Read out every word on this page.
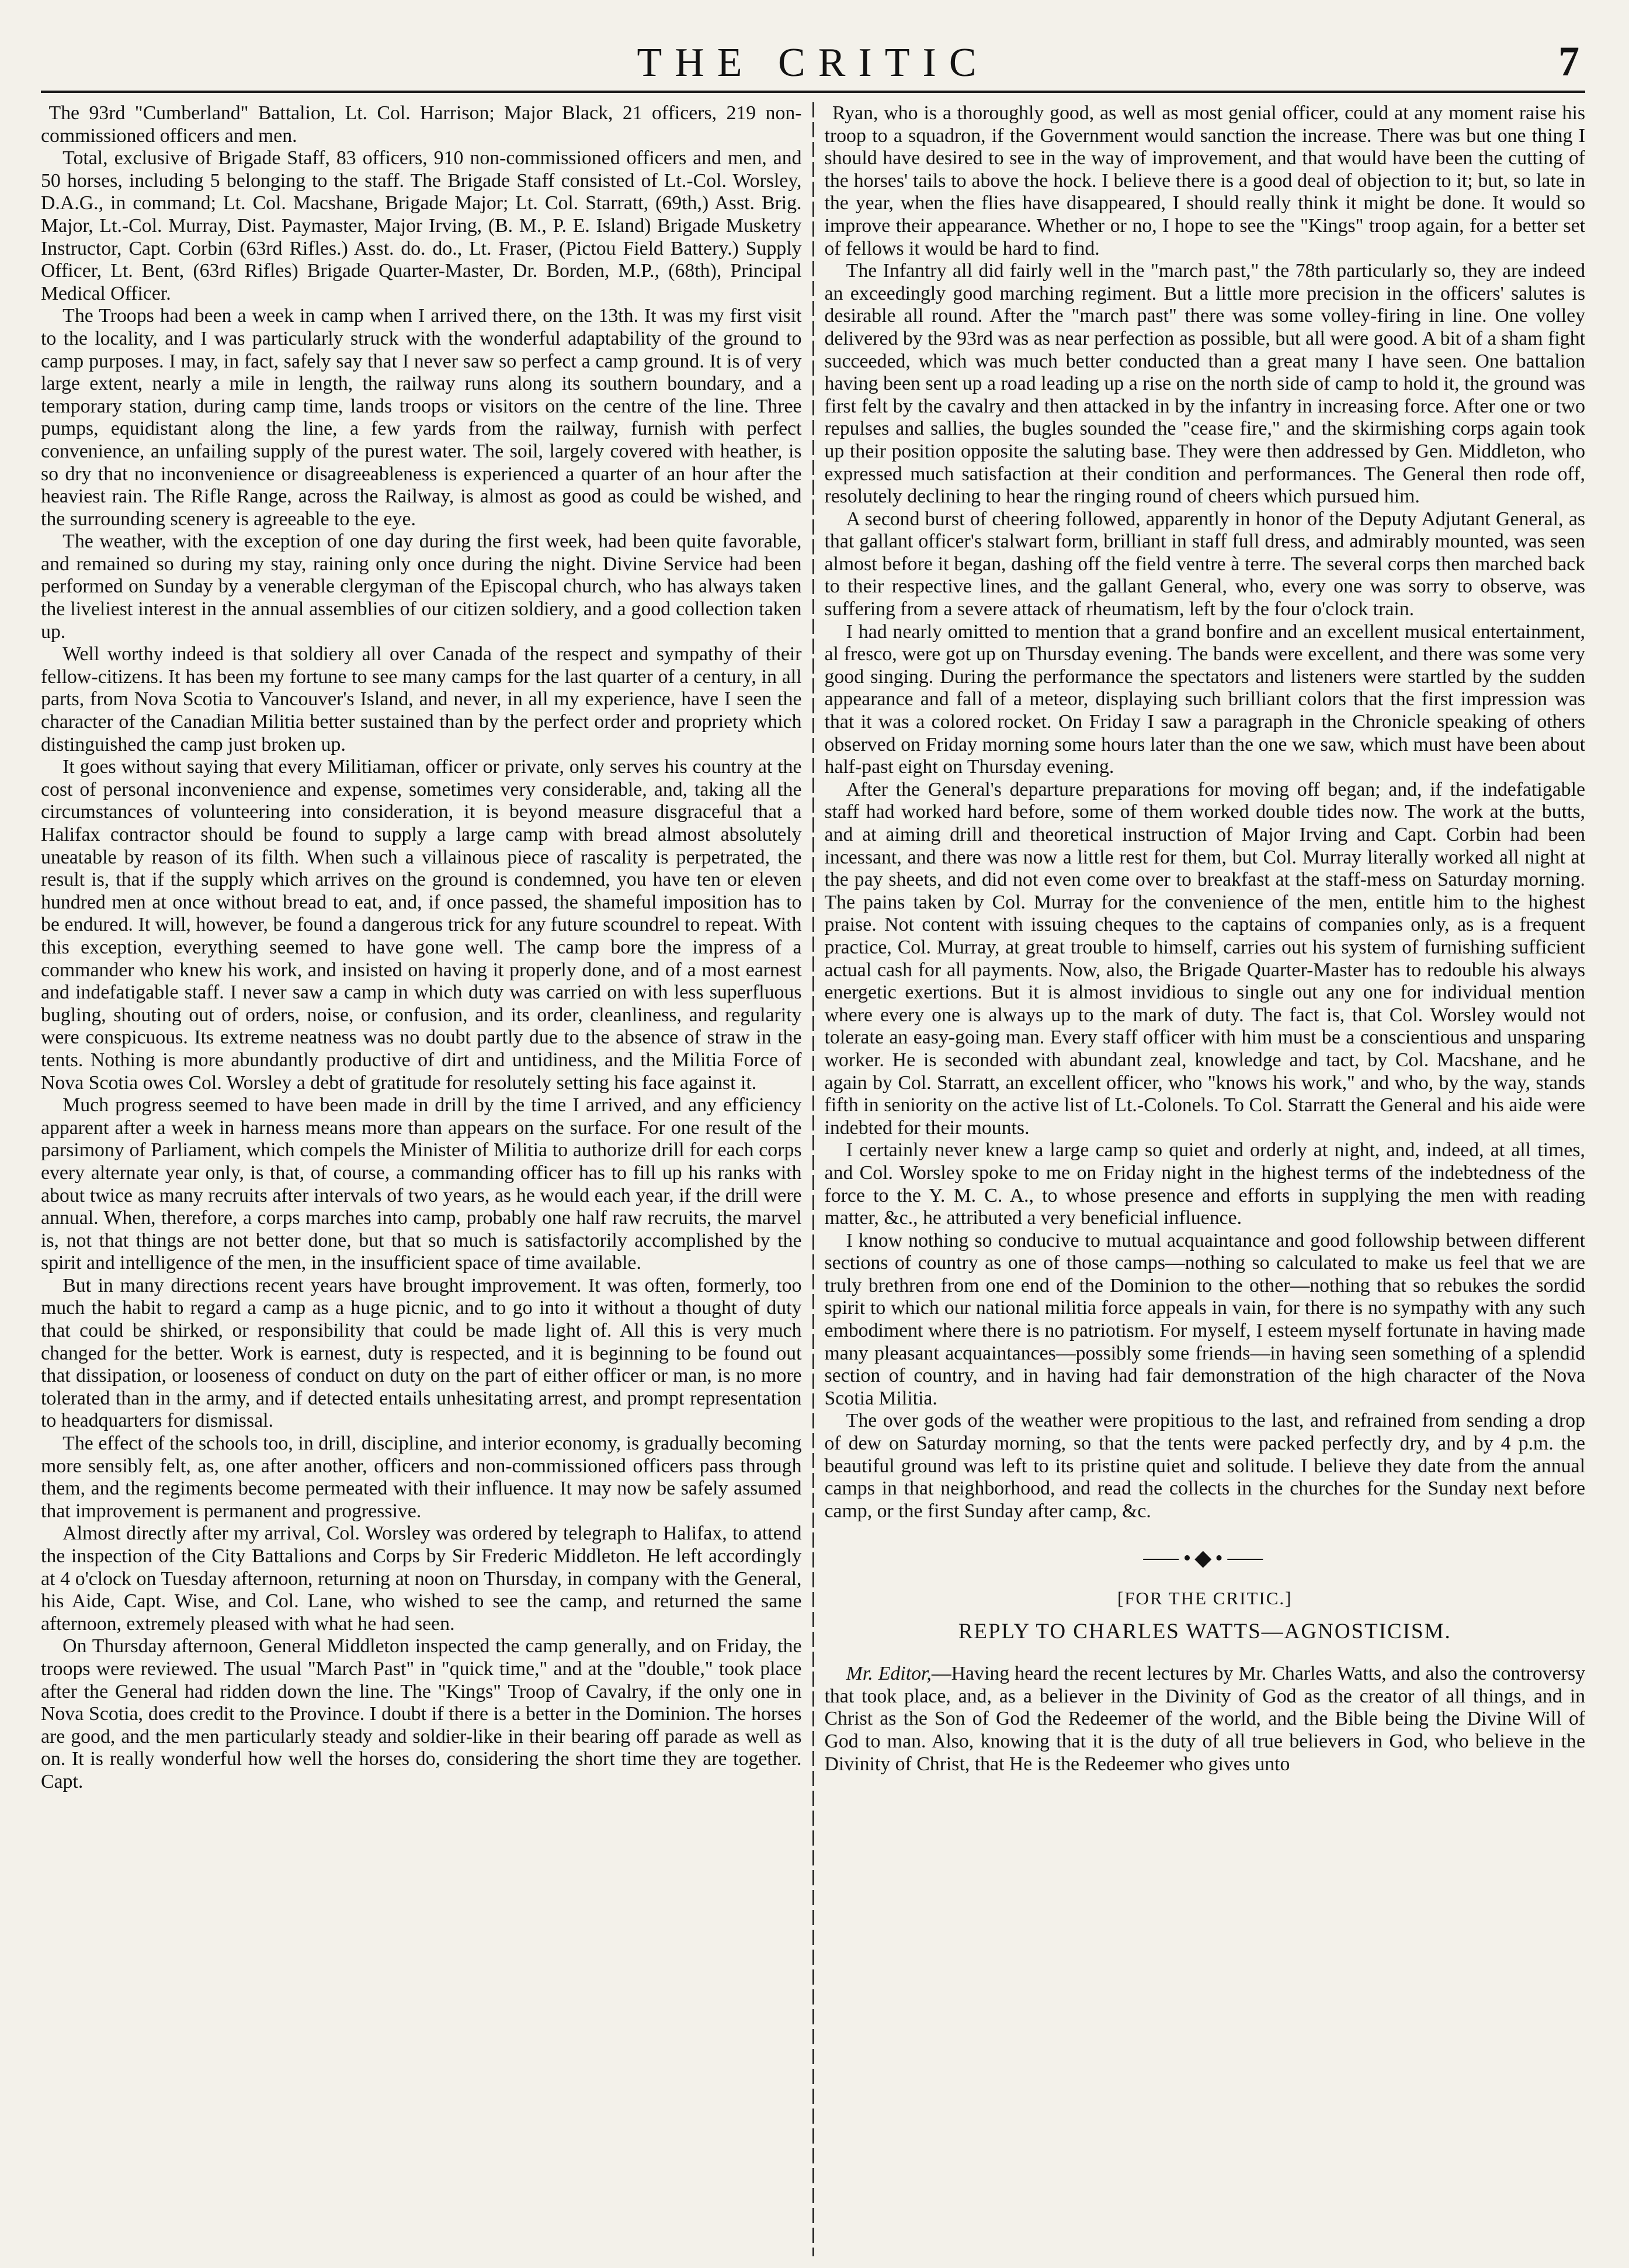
THE CRITIC	7

The 93rd "Cumberland" Battalion, Lt. Col. Harrison; Major Black, 21 officers, 219 non-commissioned officers and men.

Total, exclusive of Brigade Staff, 83 officers, 910 non-commissioned officers and men, and 50 horses, including 5 belonging to the staff. The Brigade Staff consisted of Lt.-Col. Worsley, D.A.G., in command; Lt. Col. Macshane, Brigade Major; Lt. Col. Starratt, (69th,) Asst. Brig. Major, Lt.-Col. Murray, Dist. Paymaster, Major Irving, (B. M., P. E. Island) Brigade Musketry Instructor, Capt. Corbin (63rd Rifles.) Asst. do. do., Lt. Fraser, (Pictou Field Battery.) Supply Officer, Lt. Bent, (63rd Rifles) Brigade Quarter-Master, Dr. Borden, M.P., (68th), Principal Medical Officer.

The Troops had been a week in camp when I arrived there, on the 13th. It was my first visit to the locality, and I was particularly struck with the wonderful adaptability of the ground to camp purposes. I may, in fact, safely say that I never saw so perfect a camp ground. It is of very large extent, nearly a mile in length, the railway runs along its southern boundary, and a temporary station, during camp time, lands troops or visitors on the centre of the line. Three pumps, equidistant along the line, a few yards from the railway, furnish with perfect convenience, an unfailing supply of the purest water. The soil, largely covered with heather, is so dry that no inconvenience or disagreeableness is experienced a quarter of an hour after the heaviest rain. The Rifle Range, across the Railway, is almost as good as could be wished, and the surrounding scenery is agreeable to the eye.

The weather, with the exception of one day during the first week, had been quite favorable, and remained so during my stay, raining only once during the night. Divine Service had been performed on Sunday by a venerable clergyman of the Episcopal church, who has always taken the liveliest interest in the annual assemblies of our citizen soldiery, and a good collection taken up.

Well worthy indeed is that soldiery all over Canada of the respect and sympathy of their fellow-citizens. It has been my fortune to see many camps for the last quarter of a century, in all parts, from Nova Scotia to Vancouver's Island, and never, in all my experience, have I seen the character of the Canadian Militia better sustained than by the perfect order and propriety which distinguished the camp just broken up.

It goes without saying that every Militiaman, officer or private, only serves his country at the cost of personal inconvenience and expense, sometimes very considerable, and, taking all the circumstances of volunteering into consideration, it is beyond measure disgraceful that a Halifax contractor should be found to supply a large camp with bread almost absolutely uneatable by reason of its filth. When such a villainous piece of rascality is perpetrated, the result is, that if the supply which arrives on the ground is condemned, you have ten or eleven hundred men at once without bread to eat, and, if once passed, the shameful imposition has to be endured. It will, however, be found a dangerous trick for any future scoundrel to repeat. With this exception, everything seemed to have gone well. The camp bore the impress of a commander who knew his work, and insisted on having it properly done, and of a most earnest and indefatigable staff. I never saw a camp in which duty was carried on with less superfluous bugling, shouting out of orders, noise, or confusion, and its order, cleanliness, and regularity were conspicuous. Its extreme neatness was no doubt partly due to the absence of straw in the tents. Nothing is more abundantly productive of dirt and untidiness, and the Militia Force of Nova Scotia owes Col. Worsley a debt of gratitude for resolutely setting his face against it.

Much progress seemed to have been made in drill by the time I arrived, and any efficiency apparent after a week in harness means more than appears on the surface. For one result of the parsimony of Parliament, which compels the Minister of Militia to authorize drill for each corps every alternate year only, is that, of course, a commanding officer has to fill up his ranks with about twice as many recruits after intervals of two years, as he would each year, if the drill were annual. When, therefore, a corps marches into camp, probably one half raw recruits, the marvel is, not that things are not better done, but that so much is satisfactorily accomplished by the spirit and intelligence of the men, in the insufficient space of time available.

But in many directions recent years have brought improvement. It was often, formerly, too much the habit to regard a camp as a huge picnic, and to go into it without a thought of duty that could be shirked, or responsibility that could be made light of. All this is very much changed for the better. Work is earnest, duty is respected, and it is beginning to be found out that dissipation, or looseness of conduct on duty on the part of either officer or man, is no more tolerated than in the army, and if detected entails unhesitating arrest, and prompt representation to headquarters for dismissal.

The effect of the schools too, in drill, discipline, and interior economy, is gradually becoming more sensibly felt, as, one after another, officers and non-commissioned officers pass through them, and the regiments become permeated with their influence. It may now be safely assumed that improvement is permanent and progressive.

Almost directly after my arrival, Col. Worsley was ordered by telegraph to Halifax, to attend the inspection of the City Battalions and Corps by Sir Frederic Middleton. He left accordingly at 4 o'clock on Tuesday afternoon, returning at noon on Thursday, in company with the General, his Aide, Capt. Wise, and Col. Lane, who wished to see the camp, and returned the same afternoon, extremely pleased with what he had seen.

On Thursday afternoon, General Middleton inspected the camp generally, and on Friday, the troops were reviewed. The usual "March Past" in "quick time," and at the "double," took place after the General had ridden down the line. The "Kings" Troop of Cavalry, if the only one in Nova Scotia, does credit to the Province. I doubt if there is a better in the Dominion. The horses are good, and the men particularly steady and soldier-like in their bearing off parade as well as on. It is really wonderful how well the horses do, considering the short time they are together. Capt.

Ryan, who is a thoroughly good, as well as most genial officer, could at any moment raise his troop to a squadron, if the Government would sanction the increase. There was but one thing I should have desired to see in the way of improvement, and that would have been the cutting of the horses' tails to above the hock. I believe there is a good deal of objection to it; but, so late in the year, when the flies have disappeared, I should really think it might be done. It would so improve their appearance. Whether or no, I hope to see the "Kings" troop again, for a better set of fellows it would be hard to find.

The Infantry all did fairly well in the "march past," the 78th particularly so, they are indeed an exceedingly good marching regiment. But a little more precision in the officers' salutes is desirable all round. After the "march past" there was some volley-firing in line. One volley delivered by the 93rd was as near perfection as possible, but all were good. A bit of a sham fight succeeded, which was much better conducted than a great many I have seen. One battalion having been sent up a road leading up a rise on the north side of camp to hold it, the ground was first felt by the cavalry and then attacked in by the infantry in increasing force. After one or two repulses and sallies, the bugles sounded the "cease fire," and the skirmishing corps again took up their position opposite the saluting base. They were then addressed by Gen. Middleton, who expressed much satisfaction at their condition and performances. The General then rode off, resolutely declining to hear the ringing round of cheers which pursued him.

A second burst of cheering followed, apparently in honor of the Deputy Adjutant General, as that gallant officer's stalwart form, brilliant in staff full dress, and admirably mounted, was seen almost before it began, dashing off the field ventre à terre. The several corps then marched back to their respective lines, and the gallant General, who, every one was sorry to observe, was suffering from a severe attack of rheumatism, left by the four o'clock train.

I had nearly omitted to mention that a grand bonfire and an excellent musical entertainment, al fresco, were got up on Thursday evening. The bands were excellent, and there was some very good singing. During the performance the spectators and listeners were startled by the sudden appearance and fall of a meteor, displaying such brilliant colors that the first impression was that it was a colored rocket. On Friday I saw a paragraph in the Chronicle speaking of others observed on Friday morning some hours later than the one we saw, which must have been about half-past eight on Thursday evening.

After the General's departure preparations for moving off began; and, if the indefatigable staff had worked hard before, some of them worked double tides now. The work at the butts, and at aiming drill and theoretical instruction of Major Irving and Capt. Corbin had been incessant, and there was now a little rest for them, but Col. Murray literally worked all night at the pay sheets, and did not even come over to breakfast at the staff-mess on Saturday morning. The pains taken by Col. Murray for the convenience of the men, entitle him to the highest praise. Not content with issuing cheques to the captains of companies only, as is a frequent practice, Col. Murray, at great trouble to himself, carries out his system of furnishing sufficient actual cash for all payments. Now, also, the Brigade Quarter-Master has to redouble his always energetic exertions. But it is almost invidious to single out any one for individual mention where every one is always up to the mark of duty. The fact is, that Col. Worsley would not tolerate an easy-going man. Every staff officer with him must be a conscientious and unsparing worker. He is seconded with abundant zeal, knowledge and tact, by Col. Macshane, and he again by Col. Starratt, an excellent officer, who "knows his work," and who, by the way, stands fifth in seniority on the active list of Lt.-Colonels. To Col. Starratt the General and his aide were indebted for their mounts.

I certainly never knew a large camp so quiet and orderly at night, and, indeed, at all times, and Col. Worsley spoke to me on Friday night in the highest terms of the indebtedness of the force to the Y. M. C. A., to whose presence and efforts in supplying the men with reading matter, &c., he attributed a very beneficial influence.

I know nothing so conducive to mutual acquaintance and good followship between different sections of country as one of those camps—nothing so calculated to make us feel that we are truly brethren from one end of the Dominion to the other—nothing that so rebukes the sordid spirit to which our national militia force appeals in vain, for there is no sympathy with any such embodiment where there is no patriotism. For myself, I esteem myself fortunate in having made many pleasant acquaintances—possibly some friends—in having seen something of a splendid section of country, and in having had fair demonstration of the high character of the Nova Scotia Militia.

The over gods of the weather were propitious to the last, and refrained from sending a drop of dew on Saturday morning, so that the tents were packed perfectly dry, and by 4 p.m. the beautiful ground was left to its pristine quiet and solitude. I believe they date from the annual camps in that neighborhood, and read the collects in the churches for the Sunday next before camp, or the first Sunday after camp, &c.

⸺•◆•⸺
[FOR THE CRITIC.]
REPLY TO CHARLES WATTS—AGNOSTICISM.

Mr. Editor,—Having heard the recent lectures by Mr. Charles Watts, and also the controversy that took place, and, as a believer in the Divinity of God as the creator of all things, and in Christ as the Son of God the Redeemer of the world, and the Bible being the Divine Will of God to man. Also, knowing that it is the duty of all true believers in God, who believe in the Divinity of Christ, that He is the Redeemer who gives unto
